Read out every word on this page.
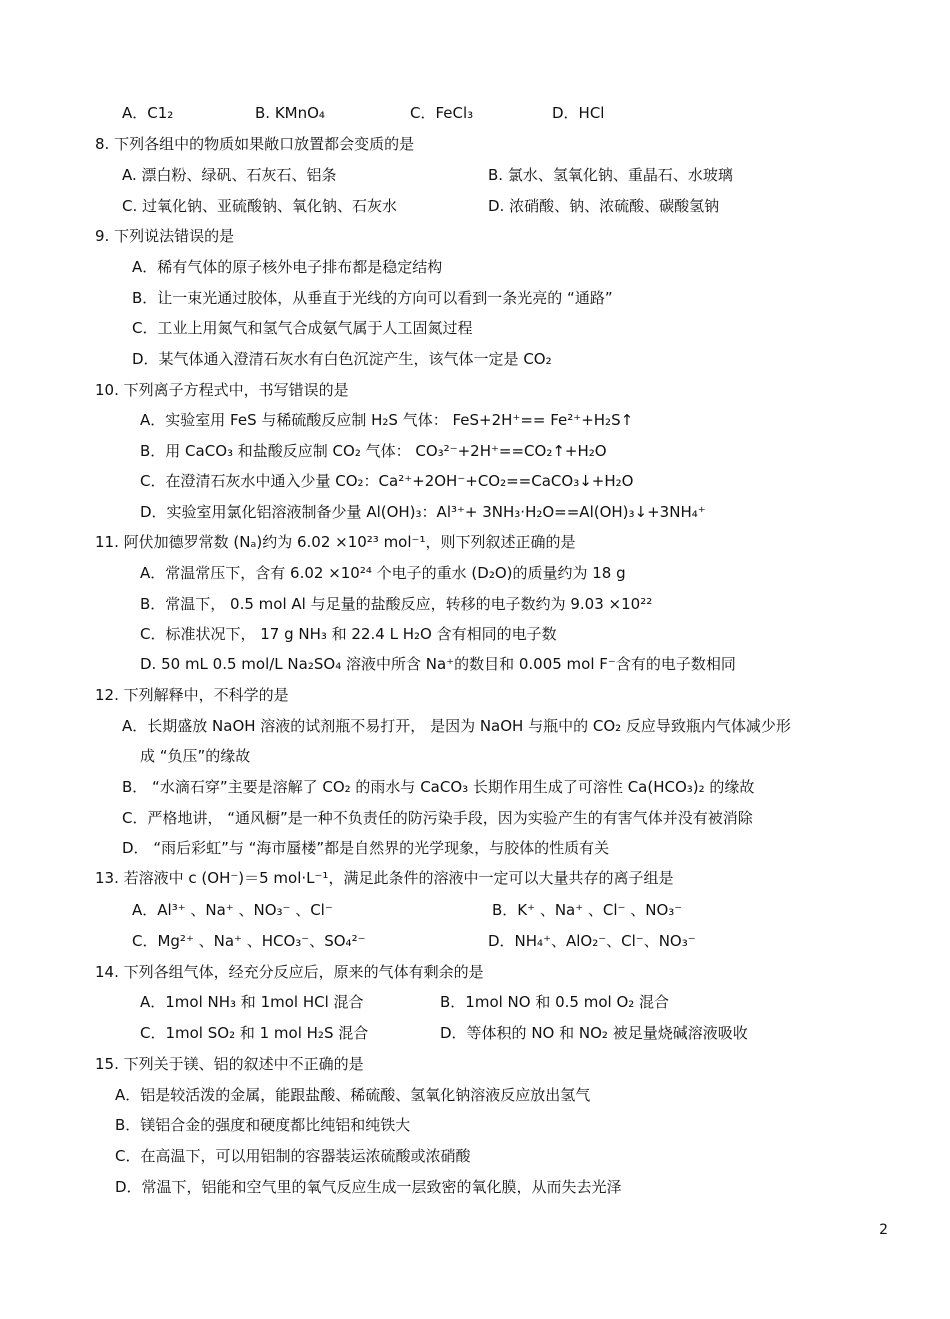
A．C1₂	B. KMnO₄	C．FeCl₃	D．HCl
8. 下列各组中的物质如果敞口放置都会变质的是
A. 漂白粉、绿矾、石灰石、铝条	B. 氯水、氢氧化钠、重晶石、水玻璃
C. 过氧化钠、亚硫酸钠、氧化钠、石灰水	D. 浓硝酸、钠、浓硫酸、碳酸氢钠
9. 下列说法错误的是
A．稀有气体的原子核外电子排布都是稳定结构
B．让一束光通过胶体，从垂直于光线的方向可以看到一条光亮的 “通路”
C．工业上用氮气和氢气合成氨气属于人工固氮过程
D．某气体通入澄清石灰水有白色沉淀产生，该气体一定是 CO₂
10. 下列离子方程式中，书写错误的是
A．实验室用 FeS 与稀硫酸反应制 H₂S 气体： FeS+2H⁺== Fe²⁺+H₂S↑
B．用 CaCO₃ 和盐酸反应制 CO₂ 气体： CO₃²⁻+2H⁺==CO₂↑+H₂O
C．在澄清石灰水中通入少量 CO₂：Ca²⁺+2OH⁻+CO₂==CaCO₃↓+H₂O
D．实验室用氯化铝溶液制备少量 Al(OH)₃：Al³⁺+ 3NH₃·H₂O==Al(OH)₃↓+3NH₄⁺
11. 阿伏加德罗常数 (Nₐ)约为 6.02 ×10²³ mol⁻¹，则下列叙述正确的是
A．常温常压下，含有 6.02 ×10²⁴ 个电子的重水 (D₂O)的质量约为 18 g
B．常温下， 0.5 mol Al 与足量的盐酸反应，转移的电子数约为 9.03 ×10²²
C．标准状况下， 17 g NH₃ 和 22.4 L H₂O 含有相同的电子数
D. 50 mL 0.5 mol/L Na₂SO₄ 溶液中所含 Na⁺的数目和 0.005 mol F⁻含有的电子数相同
12. 下列解释中，不科学的是
A．长期盛放 NaOH 溶液的试剂瓶不易打开， 是因为 NaOH 与瓶中的 CO₂ 反应导致瓶内气体减少形
成 “负压”的缘故
B． “水滴石穿”主要是溶解了 CO₂ 的雨水与 CaCO₃ 长期作用生成了可溶性 Ca(HCO₃)₂ 的缘故
C．严格地讲， “通风橱”是一种不负责任的防污染手段，因为实验产生的有害气体并没有被消除
D． “雨后彩虹”与 “海市蜃楼”都是自然界的光学现象，与胶体的性质有关
13. 若溶液中 c (OH⁻)＝5 mol·L⁻¹，满足此条件的溶液中一定可以大量共存的离子组是
A．Al³⁺ 、Na⁺ 、NO₃⁻ 、Cl⁻	B．K⁺ 、Na⁺ 、Cl⁻ 、NO₃⁻
C．Mg²⁺ 、Na⁺ 、HCO₃⁻、SO₄²⁻	D．NH₄⁺、AlO₂⁻、Cl⁻、NO₃⁻
14. 下列各组气体，经充分反应后，原来的气体有剩余的是
A．1mol NH₃ 和 1mol HCl 混合	B．1mol NO 和 0.5 mol O₂ 混合
C．1mol SO₂ 和 1 mol H₂S 混合	D．等体积的 NO 和 NO₂ 被足量烧碱溶液吸收
15. 下列关于镁、铝的叙述中不正确的是
A．铝是较活泼的金属，能跟盐酸、稀硫酸、氢氧化钠溶液反应放出氢气
B．镁铝合金的强度和硬度都比纯铝和纯铁大
C．在高温下，可以用铝制的容器装运浓硫酸或浓硝酸
D．常温下，铝能和空气里的氧气反应生成一层致密的氧化膜，从而失去光泽
2
